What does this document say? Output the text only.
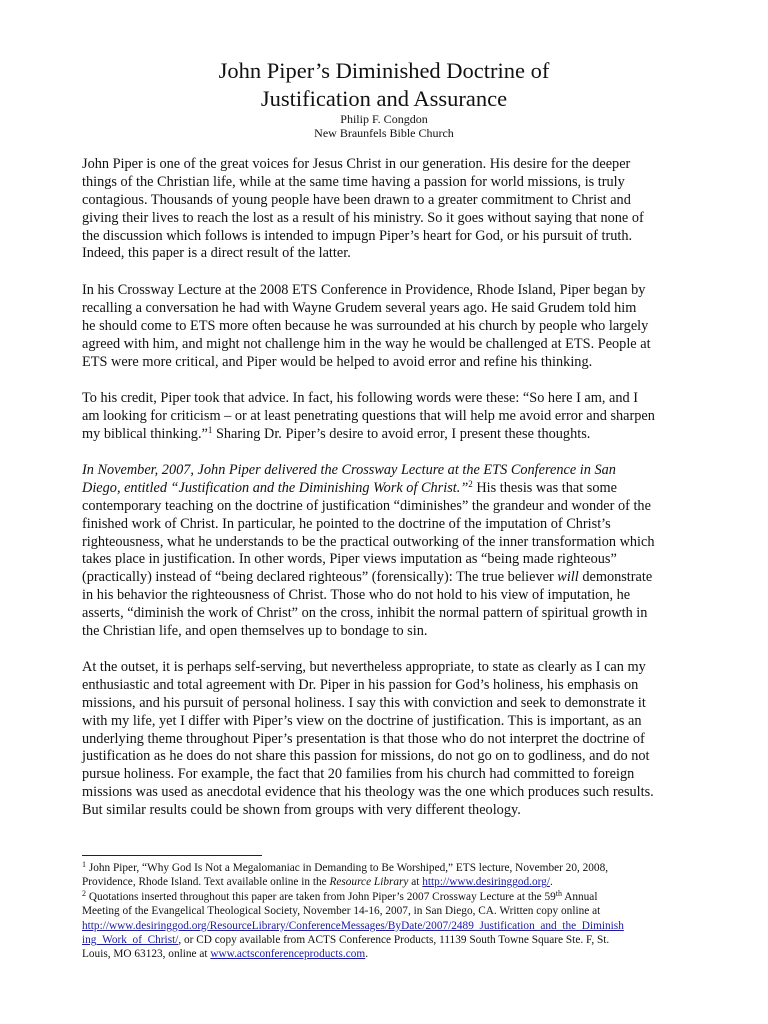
John Piper’s Diminished Doctrine of
Justification and Assurance
Philip F. Congdon
New Braunfels Bible Church
John Piper is one of the great voices for Jesus Christ in our generation. His desire for the deeper
things of the Christian life, while at the same time having a passion for world missions, is truly
contagious. Thousands of young people have been drawn to a greater commitment to Christ and
giving their lives to reach the lost as a result of his ministry. So it goes without saying that none of
the discussion which follows is intended to impugn Piper’s heart for God, or his pursuit of truth.
Indeed, this paper is a direct result of the latter.
In his Crossway Lecture at the 2008 ETS Conference in Providence, Rhode Island, Piper began by
recalling a conversation he had with Wayne Grudem several years ago. He said Grudem told him
he should come to ETS more often because he was surrounded at his church by people who largely
agreed with him, and might not challenge him in the way he would be challenged at ETS. People at
ETS were more critical, and Piper would be helped to avoid error and refine his thinking.
To his credit, Piper took that advice. In fact, his following words were these: “So here I am, and I
am looking for criticism – or at least penetrating questions that will help me avoid error and sharpen
my biblical thinking.”$^1$ Sharing Dr. Piper’s desire to avoid error, I present these thoughts.
In November, 2007, John Piper delivered the Crossway Lecture at the ETS Conference in San
Diego, entitled “Justification and the Diminishing Work of Christ.”$^2$ His thesis was that some
contemporary teaching on the doctrine of justification “diminishes” the grandeur and wonder of the
finished work of Christ. In particular, he pointed to the doctrine of the imputation of Christ’s
righteousness, what he understands to be the practical outworking of the inner transformation which
takes place in justification. In other words, Piper views imputation as “being made righteous”
(practically) instead of “being declared righteous” (forensically): The true believer will demonstrate
in his behavior the righteousness of Christ. Those who do not hold to his view of imputation, he
asserts, “diminish the work of Christ” on the cross, inhibit the normal pattern of spiritual growth in
the Christian life, and open themselves up to bondage to sin.
At the outset, it is perhaps self-serving, but nevertheless appropriate, to state as clearly as I can my
enthusiastic and total agreement with Dr. Piper in his passion for God’s holiness, his emphasis on
missions, and his pursuit of personal holiness. I say this with conviction and seek to demonstrate it
with my life, yet I differ with Piper’s view on the doctrine of justification. This is important, as an
underlying theme throughout Piper’s presentation is that those who do not interpret the doctrine of
justification as he does do not share this passion for missions, do not go on to godliness, and do not
pursue holiness. For example, the fact that 20 families from his church had committed to foreign
missions was used as anecdotal evidence that his theology was the one which produces such results.
But similar results could be shown from groups with very different theology.
$^1$ John Piper, “Why God Is Not a Megalomaniac in Demanding to Be Worshiped,” ETS lecture, November 20, 2008,
Providence, Rhode Island. Text available online in the Resource Library at http://www.desiringgod.org/.
$^2$ Quotations inserted throughout this paper are taken from John Piper’s 2007 Crossway Lecture at the 59th Annual
Meeting of the Evangelical Theological Society, November 14-16, 2007, in San Diego, CA. Written copy online at
http://www.desiringgod.org/ResourceLibrary/ConferenceMessages/ByDate/2007/2489_Justification_and_the_Diminish
ing_Work_of_Christ/, or CD copy available from ACTS Conference Products, 11139 South Towne Square Ste. F, St.
Louis, MO 63123, online at www.actsconferenceproducts.com.
